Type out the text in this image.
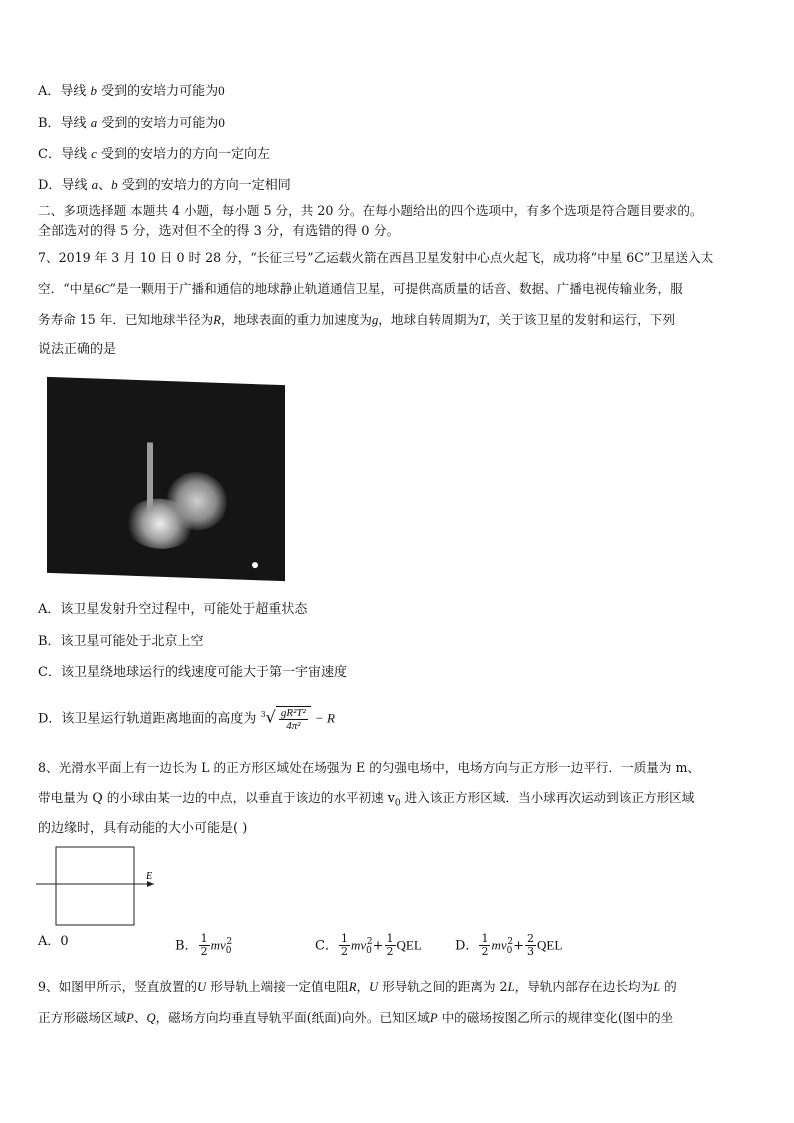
A．导线 b 受到的安培力可能为0
B．导线 a 受到的安培力可能为0
C．导线 c 受到的安培力的方向一定向左
D．导线 a、b 受到的安培力的方向一定相同
二、多项选择题 本题共 4 小题，每小题 5 分，共 20 分。在每小题给出的四个选项中，有多个选项是符合题目要求的。
全部选对的得 5 分，选对但不全的得 3 分，有选错的得 0 分。
7、2019 年 3 月 10 日 0 时 28 分，“长征三号”乙运载火箭在西昌卫星发射中心点火起飞，成功将“中星 6C”卫星送入太
空．“中星6C”是一颗用于广播和通信的地球静止轨道通信卫星，可提供高质量的话音、数据、广播电视传输业务，服
务寿命 15 年．已知地球半径为R，地球表面的重力加速度为g，地球自转周期为T，关于该卫星的发射和运行，下列
说法正确的是
A．该卫星发射升空过程中，可能处于超重状态
B．该卫星可能处于北京上空
C．该卫星绕地球运行的线速度可能大于第一宇宙速度
D．该卫星运行轨道距离地面的高度为 $^3√ \frac{\text{gR²T²}}{\text{4π²}} - R$
8、光滑水平面上有一边长为 L 的正方形区域处在场强为 E 的匀强电场中，电场方向与正方形一边平行．一质量为 m、
带电量为 Q 的小球由某一边的中点，以垂直于该边的水平初速 $v_0$ 进入该正方形区域．当小球再次运动到该正方形区域
的边缘时，具有动能的大小可能是( )
E
A．0	B． $\frac{1}{2} mv_0^2$	C． $\frac{1}{2} mv_0^2+ \frac{1}{2}$ QEL	D． $\frac{1}{2} mv_0^2+ \frac{2}{3}$ QEL
9、如图甲所示，竖直放置的U 形导轨上端接一定值电阻R，U 形导轨之间的距离为 2L，导轨内部存在边长均为L 的
正方形磁场区域P、Q，磁场方向均垂直导轨平面(纸面)向外。已知区域P 中的磁场按图乙所示的规律变化(图中的坐
